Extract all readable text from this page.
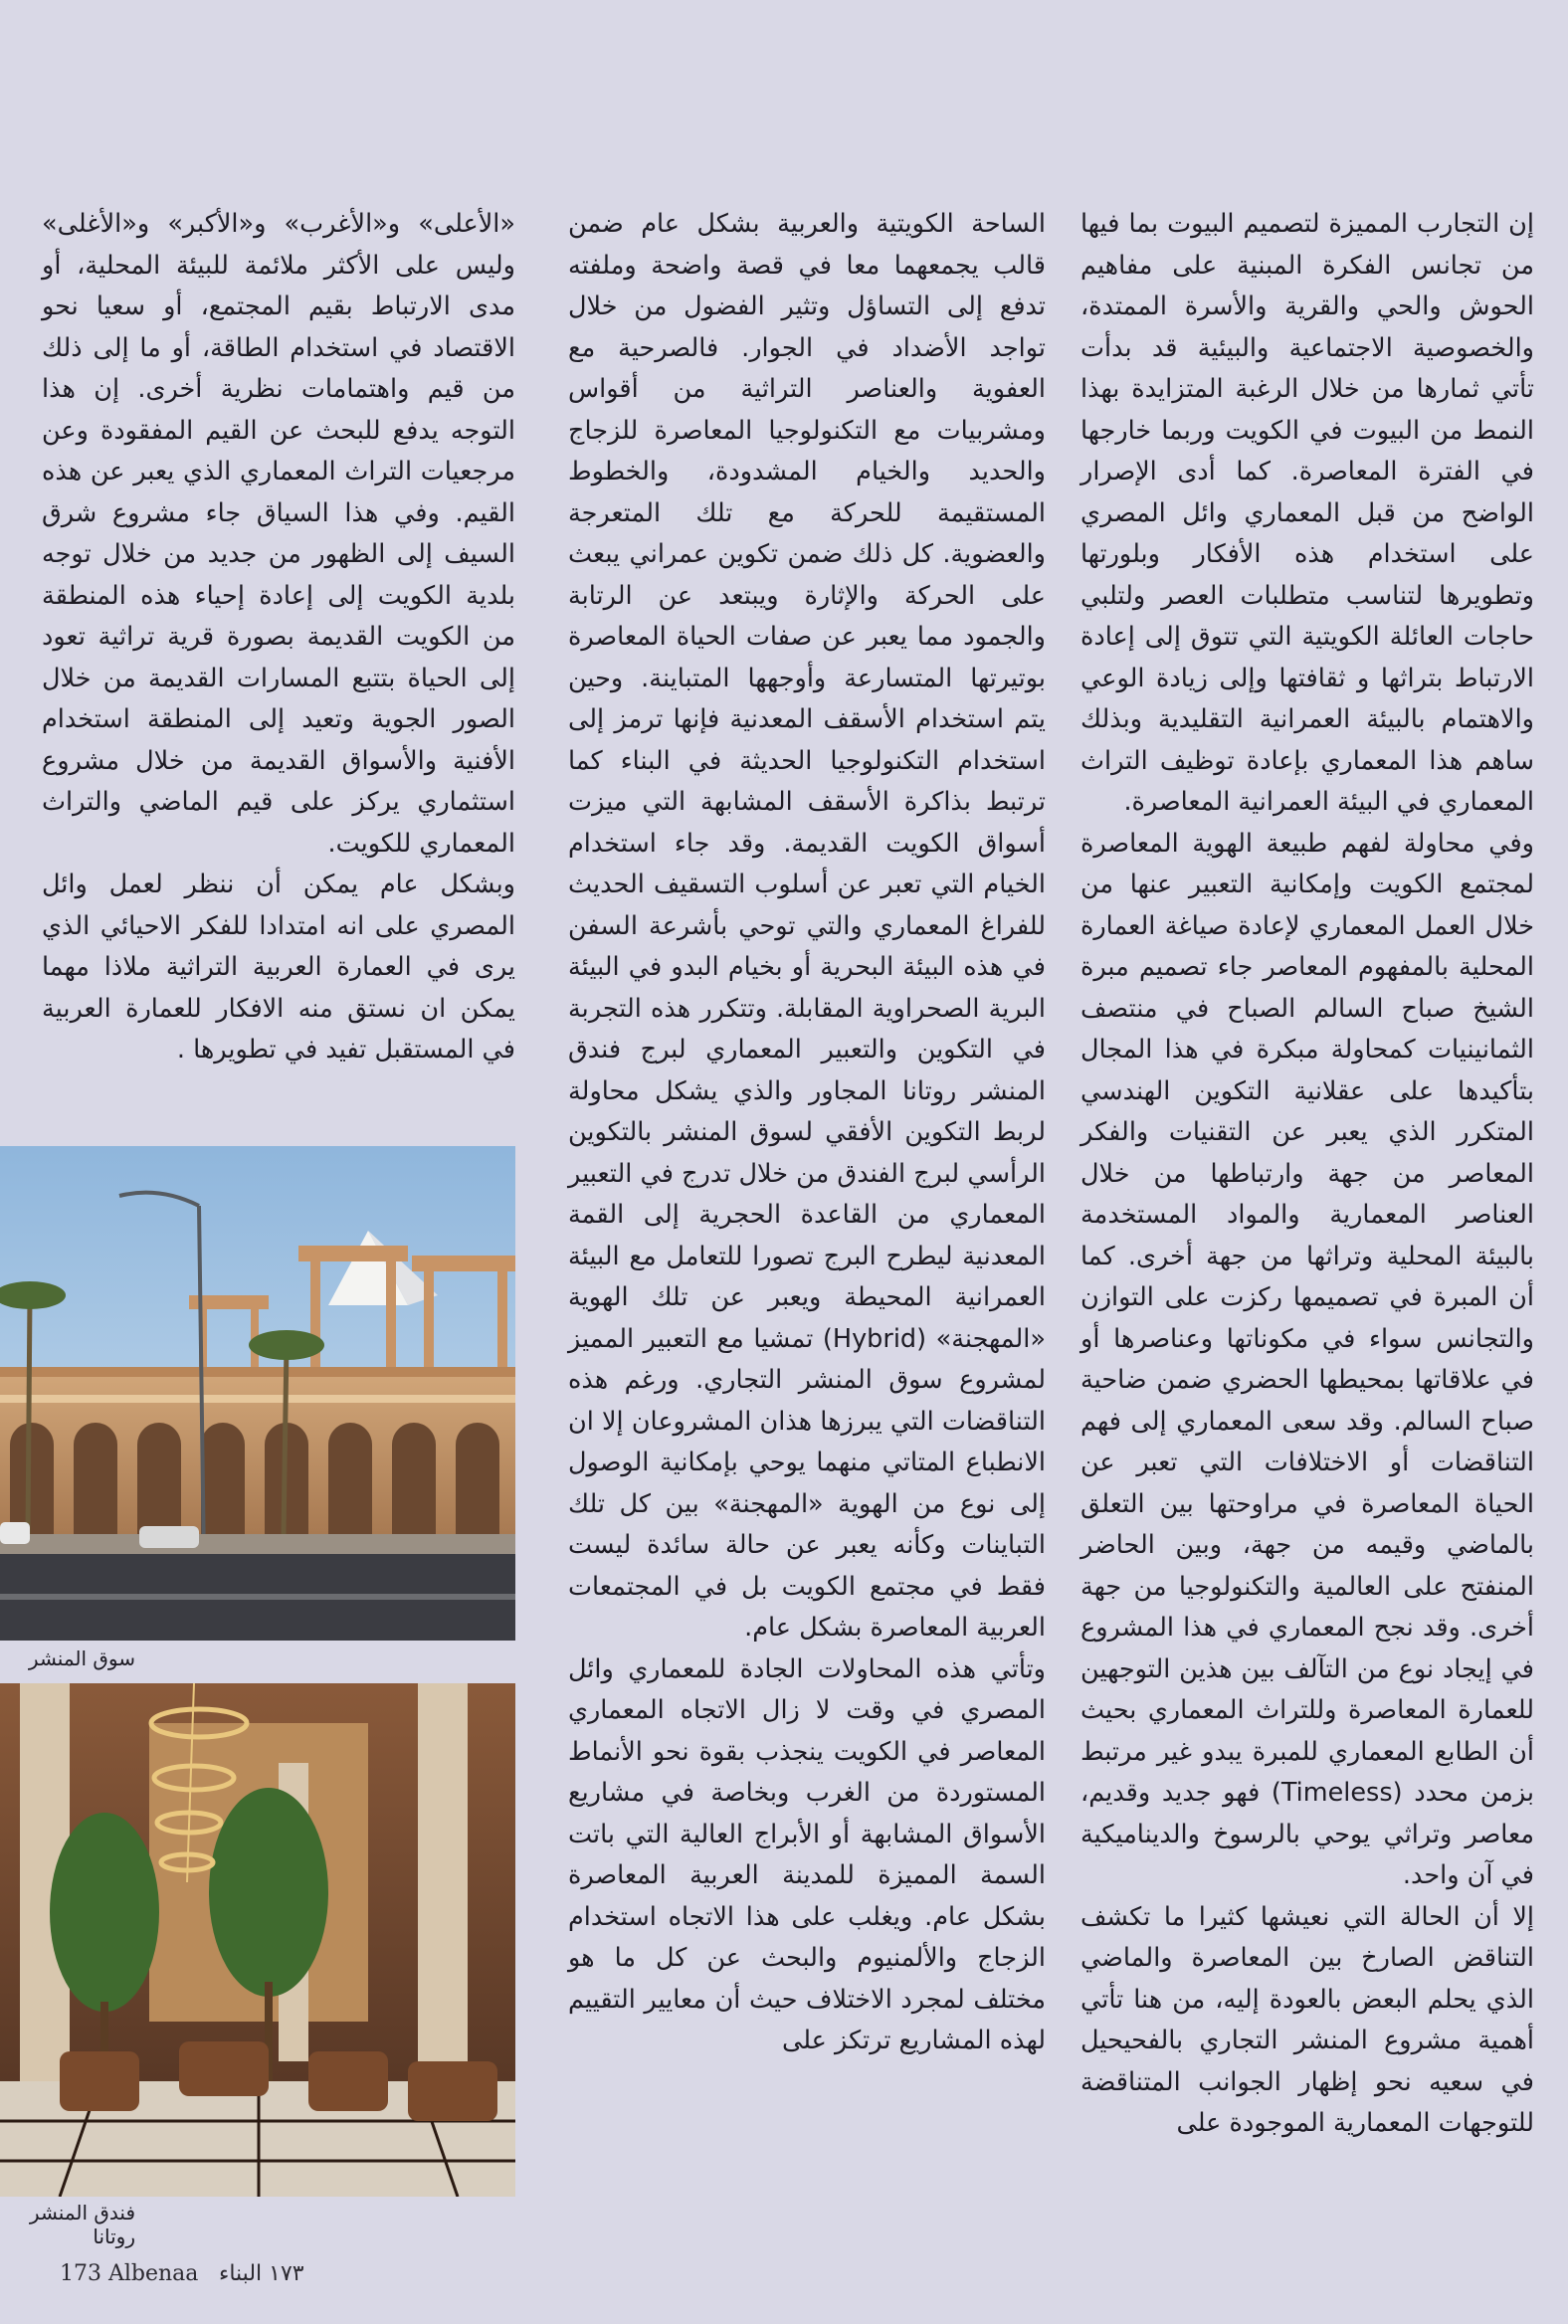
إن التجارب المميزة لتصميم البيوت بما فيها من تجانس الفكرة المبنية على مفاهيم الحوش والحي والقرية والأسرة الممتدة، والخصوصية الاجتماعية والبيئية قد بدأت تأتي ثمارها من خلال الرغبة المتزايدة بهذا النمط من البيوت في الكويت وربما خارجها في الفترة المعاصرة. كما أدى الإصرار الواضح من قبل المعماري وائل المصري على استخدام هذه الأفكار وبلورتها وتطويرها لتناسب متطلبات العصر ولتلبي حاجات العائلة الكويتية التي تتوق إلى إعادة الارتباط بتراثها و ثقافتها وإلى زيادة الوعي والاهتمام بالبيئة العمرانية التقليدية وبذلك ساهم هذا المعماري بإعادة توظيف التراث المعماري في البيئة العمرانية المعاصرة.
وفي محاولة لفهم طبيعة الهوية المعاصرة لمجتمع الكويت وإمكانية التعبير عنها من خلال العمل المعماري لإعادة صياغة العمارة المحلية بالمفهوم المعاصر جاء تصميم مبرة الشيخ صباح السالم الصباح في منتصف الثمانينيات كمحاولة مبكرة في هذا المجال بتأكيدها على عقلانية التكوين الهندسي المتكرر الذي يعبر عن التقنيات والفكر المعاصر من جهة وارتباطها من خلال العناصر المعمارية والمواد المستخدمة بالبيئة المحلية وتراثها من جهة أخرى. كما أن المبرة في تصميمها ركزت على التوازن والتجانس سواء في مكوناتها وعناصرها أو في علاقاتها بمحيطها الحضري ضمن ضاحية صباح السالم. وقد سعى المعماري إلى فهم التناقضات أو الاختلافات التي تعبر عن الحياة المعاصرة في مراوحتها بين التعلق بالماضي وقيمه من جهة، وبين الحاضر المنفتح على العالمية والتكنولوجيا من جهة أخرى. وقد نجح المعماري في هذا المشروع في إيجاد نوع من التآلف بين هذين التوجهين للعمارة المعاصرة وللتراث المعماري بحيث أن الطابع المعماري للمبرة يبدو غير مرتبط بزمن محدد (Timeless) فهو جديد وقديم، معاصر وتراثي يوحي بالرسوخ والديناميكية في آن واحد.
إلا أن الحالة التي نعيشها كثيرا ما تكشف التناقض الصارخ بين المعاصرة والماضي الذي يحلم البعض بالعودة إليه، من هنا تأتي أهمية مشروع المنشر التجاري بالفحيحيل في سعيه نحو إظهار الجوانب المتناقضة للتوجهات المعمارية الموجودة على
الساحة الكويتية والعربية بشكل عام ضمن قالب يجمعهما معا في قصة واضحة وملفته تدفع إلى التساؤل وتثير الفضول من خلال تواجد الأضداد في الجوار. فالصرحية مع العفوية والعناصر التراثية من أقواس ومشربيات مع التكنولوجيا المعاصرة للزجاج والحديد والخيام المشدودة، والخطوط المستقيمة للحركة مع تلك المتعرجة والعضوية. كل ذلك ضمن تكوين عمراني يبعث على الحركة والإثارة ويبتعد عن الرتابة والجمود مما يعبر عن صفات الحياة المعاصرة بوتيرتها المتسارعة وأوجهها المتباينة. وحين يتم استخدام الأسقف المعدنية فإنها ترمز إلى استخدام التكنولوجيا الحديثة في البناء كما ترتبط بذاكرة الأسقف المشابهة التي ميزت أسواق الكويت القديمة. وقد جاء استخدام الخيام التي تعبر عن أسلوب التسقيف الحديث للفراغ المعماري والتي توحي بأشرعة السفن في هذه البيئة البحرية أو بخيام البدو في البيئة البرية الصحراوية المقابلة. وتتكرر هذه التجربة في التكوين والتعبير المعماري لبرج فندق المنشر روتانا المجاور والذي يشكل محاولة لربط التكوين الأفقي لسوق المنشر بالتكوين الرأسي لبرج الفندق من خلال تدرج في التعبير المعماري من القاعدة الحجرية إلى القمة المعدنية ليطرح البرج تصورا للتعامل مع البيئة العمرانية المحيطة ويعبر عن تلك الهوية «المهجنة» (Hybrid) تمشيا مع التعبير المميز لمشروع سوق المنشر التجاري. ورغم هذه التناقضات التي يبرزها هذان المشروعان إلا ان الانطباع المتاتي منهما يوحي بإمكانية الوصول إلى نوع من الهوية «المهجنة» بين كل تلك التباينات وكأنه يعبر عن حالة سائدة ليست فقط في مجتمع الكويت بل في المجتمعات العربية المعاصرة بشكل عام.
وتأتي هذه المحاولات الجادة للمعماري وائل المصري في وقت لا زال الاتجاه المعماري المعاصر في الكويت ينجذب بقوة نحو الأنماط المستوردة من الغرب وبخاصة في مشاريع الأسواق المشابهة أو الأبراج العالية التي باتت السمة المميزة للمدينة العربية المعاصرة بشكل عام. ويغلب على هذا الاتجاه استخدام الزجاج والألمنيوم والبحث عن كل ما هو مختلف لمجرد الاختلاف حيث أن معايير التقييم لهذه المشاريع ترتكز على
«الأعلى» و«الأغرب» و«الأكبر» و«الأغلى» وليس على الأكثر ملائمة للبيئة المحلية، أو مدى الارتباط بقيم المجتمع، أو سعيا نحو الاقتصاد في استخدام الطاقة، أو ما إلى ذلك من قيم واهتمامات نظرية أخرى. إن هذا التوجه يدفع للبحث عن القيم المفقودة وعن مرجعيات التراث المعماري الذي يعبر عن هذه القيم. وفي هذا السياق جاء مشروع شرق السيف إلى الظهور من جديد من خلال توجه بلدية الكويت إلى إعادة إحياء هذه المنطقة من الكويت القديمة بصورة قرية تراثية تعود إلى الحياة بتتبع المسارات القديمة من خلال الصور الجوية وتعيد إلى المنطقة استخدام الأفنية والأسواق القديمة من خلال مشروع استثماري يركز على قيم الماضي والتراث المعماري للكويت.
وبشكل عام يمكن أن ننظر لعمل وائل المصري على انه امتدادا للفكر الاحيائي الذي يرى في العمارة العربية التراثية ملاذا مهما يمكن ان نستق منه الافكار للعمارة العربية في المستقبل تفيد في تطويرها .
سوق المنشر
فندق المنشر روتانا
173 Albenaa ١٧٣ البناء
